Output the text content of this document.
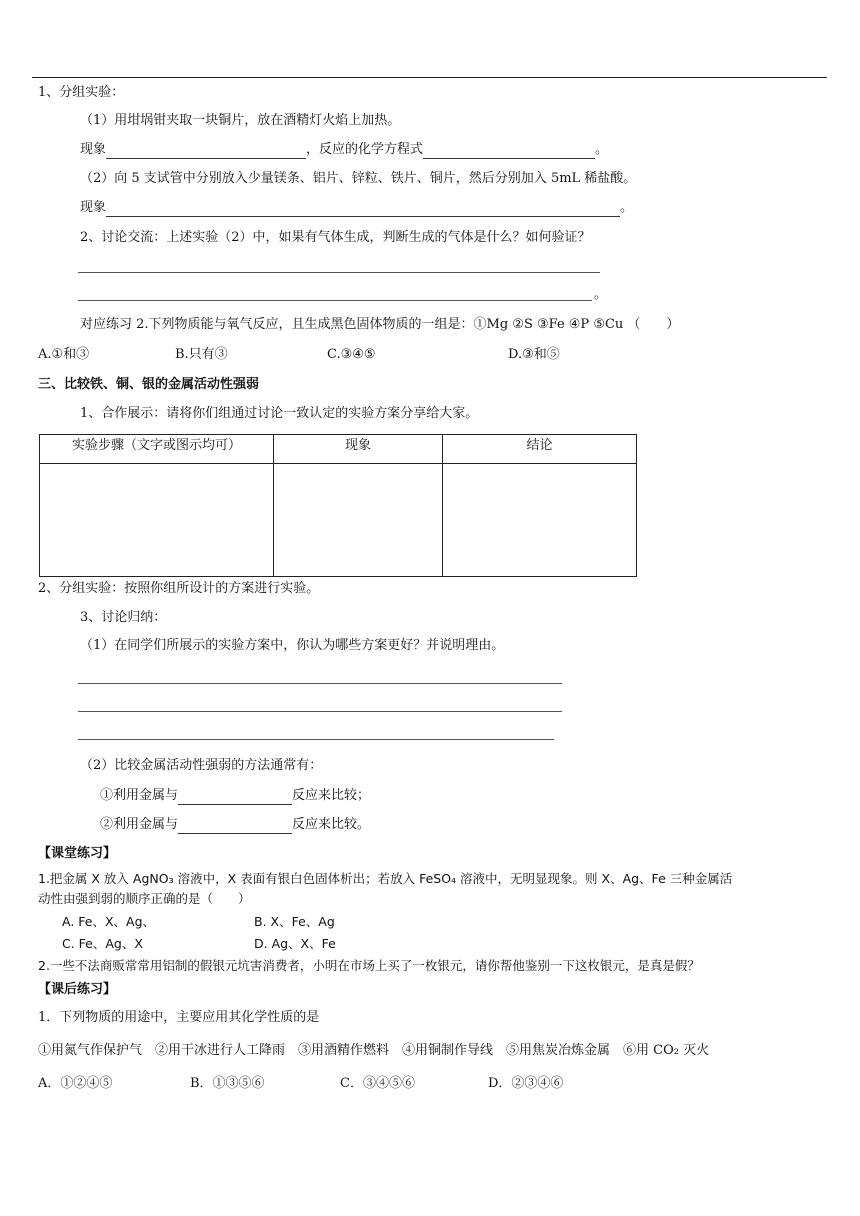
1、分组实验：
（1）用坩埚钳夹取一块铜片，放在酒精灯火焰上加热。
现象	，反应的化学方程式	。
（2）向 5 支试管中分别放入少量镁条、铝片、锌粒、铁片、铜片，然后分别加入 5mL 稀盐酸。
现象	。
2、讨论交流：上述实验（2）中，如果有气体生成，判断生成的气体是什么？如何验证？
。
对应练习 2.下列物质能与氧气反应，且生成黑色固体物质的一组是：①Mg ②S ③Fe ④P ⑤Cu （　　）
A.①和③	B.只有③	C.③④⑤	D.③和⑤
三、比较铁、铜、银的金属活动性强弱
1、合作展示：请将你们组通过讨论一致认定的实验方案分享给大家。
实验步骤（文字或图示均可）	现象	结论

2、分组实验：按照你组所设计的方案进行实验。
3、讨论归纳：
（1）在同学们所展示的实验方案中，你认为哪些方案更好？并说明理由。
（2）比较金属活动性强弱的方法通常有：
①利用金属与	反应来比较；
②利用金属与	反应来比较。
【课堂练习】
1.把金属 X 放入 AgNO₃ 溶液中，X 表面有银白色固体析出；若放入 FeSO₄ 溶液中，无明显现象。则 X、Ag、Fe 三种金属活
动性由强到弱的顺序正确的是（　　）
A. Fe、X、Ag、	B. X、Fe、Ag
C. Fe、Ag、X	D. Ag、X、Fe
2.一些不法商贩常常用铝制的假银元坑害消费者，小明在市场上买了一枚银元，请你帮他鉴别一下这枚银元，是真是假？
【课后练习】
1．下列物质的用途中，主要应用其化学性质的是
①用氮气作保护气　②用干冰进行人工降雨　③用酒精作燃料　④用铜制作导线　⑤用焦炭冶炼金属　⑥用 CO₂ 灭火
A．①②④⑤	B．①③⑤⑥	C．③④⑤⑥	D．②③④⑥
